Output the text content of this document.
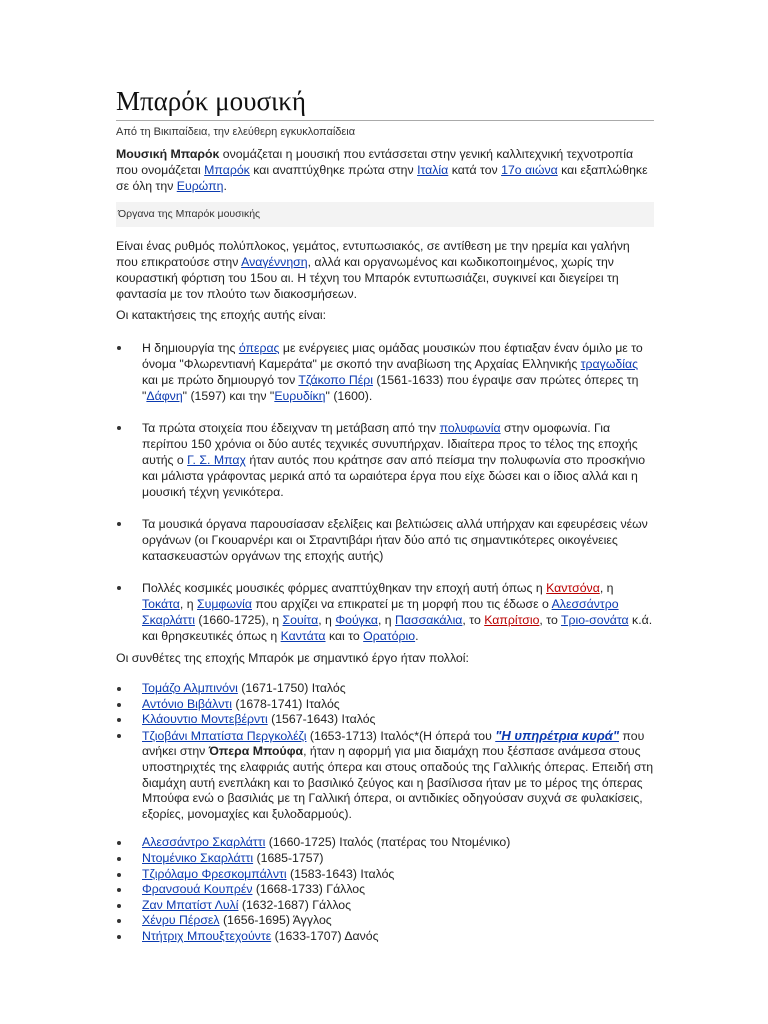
Μπαρόκ μουσική
Από τη Βικιπαίδεια, την ελεύθερη εγκυκλοπαίδεια

Μουσική Μπαρόκ ονομάζεται η μουσική που εντάσσεται στην γενική καλλιτεχνική τεχνοτροπία που ονομάζεται Μπαρόκ και αναπτύχθηκε πρώτα στην Ιταλία κατά τον 17ο αιώνα και εξαπλώθηκε σε όλη την Ευρώπη.

Όργανα της Μπαρόκ μουσικής

Είναι ένας ρυθμός πολύπλοκος, γεμάτος, εντυπωσιακός, σε αντίθεση με την ηρεμία και γαλήνη που επικρατούσε στην Αναγέννηση, αλλά και οργανωμένος και κωδικοποιημένος, χωρίς την κουραστική φόρτιση του 15ου αι. Η τέχνη του Μπαρόκ εντυπωσιάζει, συγκινεί και διεγείρει τη φαντασία με τον πλούτο των διακοσμήσεων.

Οι κατακτήσεις της εποχής αυτής είναι:

Η δημιουργία της όπερας με ενέργειες μιας ομάδας μουσικών που έφτιαξαν έναν όμιλο με το όνομα "Φλωρεντιανή Καμεράτα" με σκοπό την αναβίωση της Αρχαίας Ελληνικής τραγωδίας και με πρώτο δημιουργό τον Τζάκοπο Πέρι (1561-1633) που έγραψε σαν πρώτες όπερες τη "Δάφνη" (1597) και την "Ευρυδίκη" (1600).
Τα πρώτα στοιχεία που έδειχναν τη μετάβαση από την πολυφωνία στην ομοφωνία. Για περίπου 150 χρόνια οι δύο αυτές τεχνικές συνυπήρχαν. Ιδιαίτερα προς το τέλος της εποχής αυτής ο Γ. Σ. Μπαχ ήταν αυτός που κράτησε σαν από πείσμα την πολυφωνία στο προσκήνιο και μάλιστα γράφοντας μερικά από τα ωραιότερα έργα που είχε δώσει και ο ίδιος αλλά και η μουσική τέχνη γενικότερα.
Τα μουσικά όργανα παρουσίασαν εξελίξεις και βελτιώσεις αλλά υπήρχαν και εφευρέσεις νέων οργάνων (οι Γκουαρνέρι και οι Στραντιβάρι ήταν δύο από τις σημαντικότερες οικογένειες κατασκευαστών οργάνων της εποχής αυτής)
Πολλές κοσμικές μουσικές φόρμες αναπτύχθηκαν την εποχή αυτή όπως η Καντσόνα, η Τοκάτα, η Συμφωνία που αρχίζει να επικρατεί με τη μορφή που τις έδωσε ο Αλεσσάντρο Σκαρλάττι (1660-1725), η Σουίτα, η Φούγκα, η Πασσακάλια, το Καπρίτσιο, το Τριο-σονάτα κ.ά. και θρησκευτικές όπως η Καντάτα και το Ορατόριο.

Οι συνθέτες της εποχής Μπαρόκ με σημαντικό έργο ήταν πολλοί:

Τομάζο Αλμπινόνι (1671-1750) Ιταλός
Αντόνιο Βιβάλντι (1678-1741) Ιταλός
Κλάουντιο Μοντεβέρντι (1567-1643) Ιταλός
Τζιοβάνι Μπατίστα Περγκολέζι (1653-1713) Ιταλός*(Η όπερά του "Η υπηρέτρια κυρά" που ανήκει στην Όπερα Μπούφα, ήταν η αφορμή για μια διαμάχη που ξέσπασε ανάμεσα στους υποστηριχτές της ελαφριάς αυτής όπερα και στους οπαδούς της Γαλλικής όπερας. Επειδή στη διαμάχη αυτή ενεπλάκη και το βασιλικό ζεύγος και η βασίλισσα ήταν με το μέρος της όπερας Μπούφα ενώ ο βασιλιάς με τη Γαλλική όπερα, οι αντιδικίες οδηγούσαν συχνά σε φυλακίσεις, εξορίες, μονομαχίες και ξυλοδαρμούς).
Αλεσσάντρο Σκαρλάττι (1660-1725) Ιταλός (πατέρας του Ντομένικο)
Ντομένικο Σκαρλάττι (1685-1757)
Τζιρόλαμο Φρεσκομπάλντι (1583-1643) Ιταλός
Φρανσουά Κουπρέν (1668-1733) Γάλλος
Ζαν Μπατίστ Λυλί (1632-1687) Γάλλος
Χένρυ Πέρσελ (1656-1695) Άγγλος
Ντήτριχ Μπουξτεχούντε (1633-1707) Δανός
